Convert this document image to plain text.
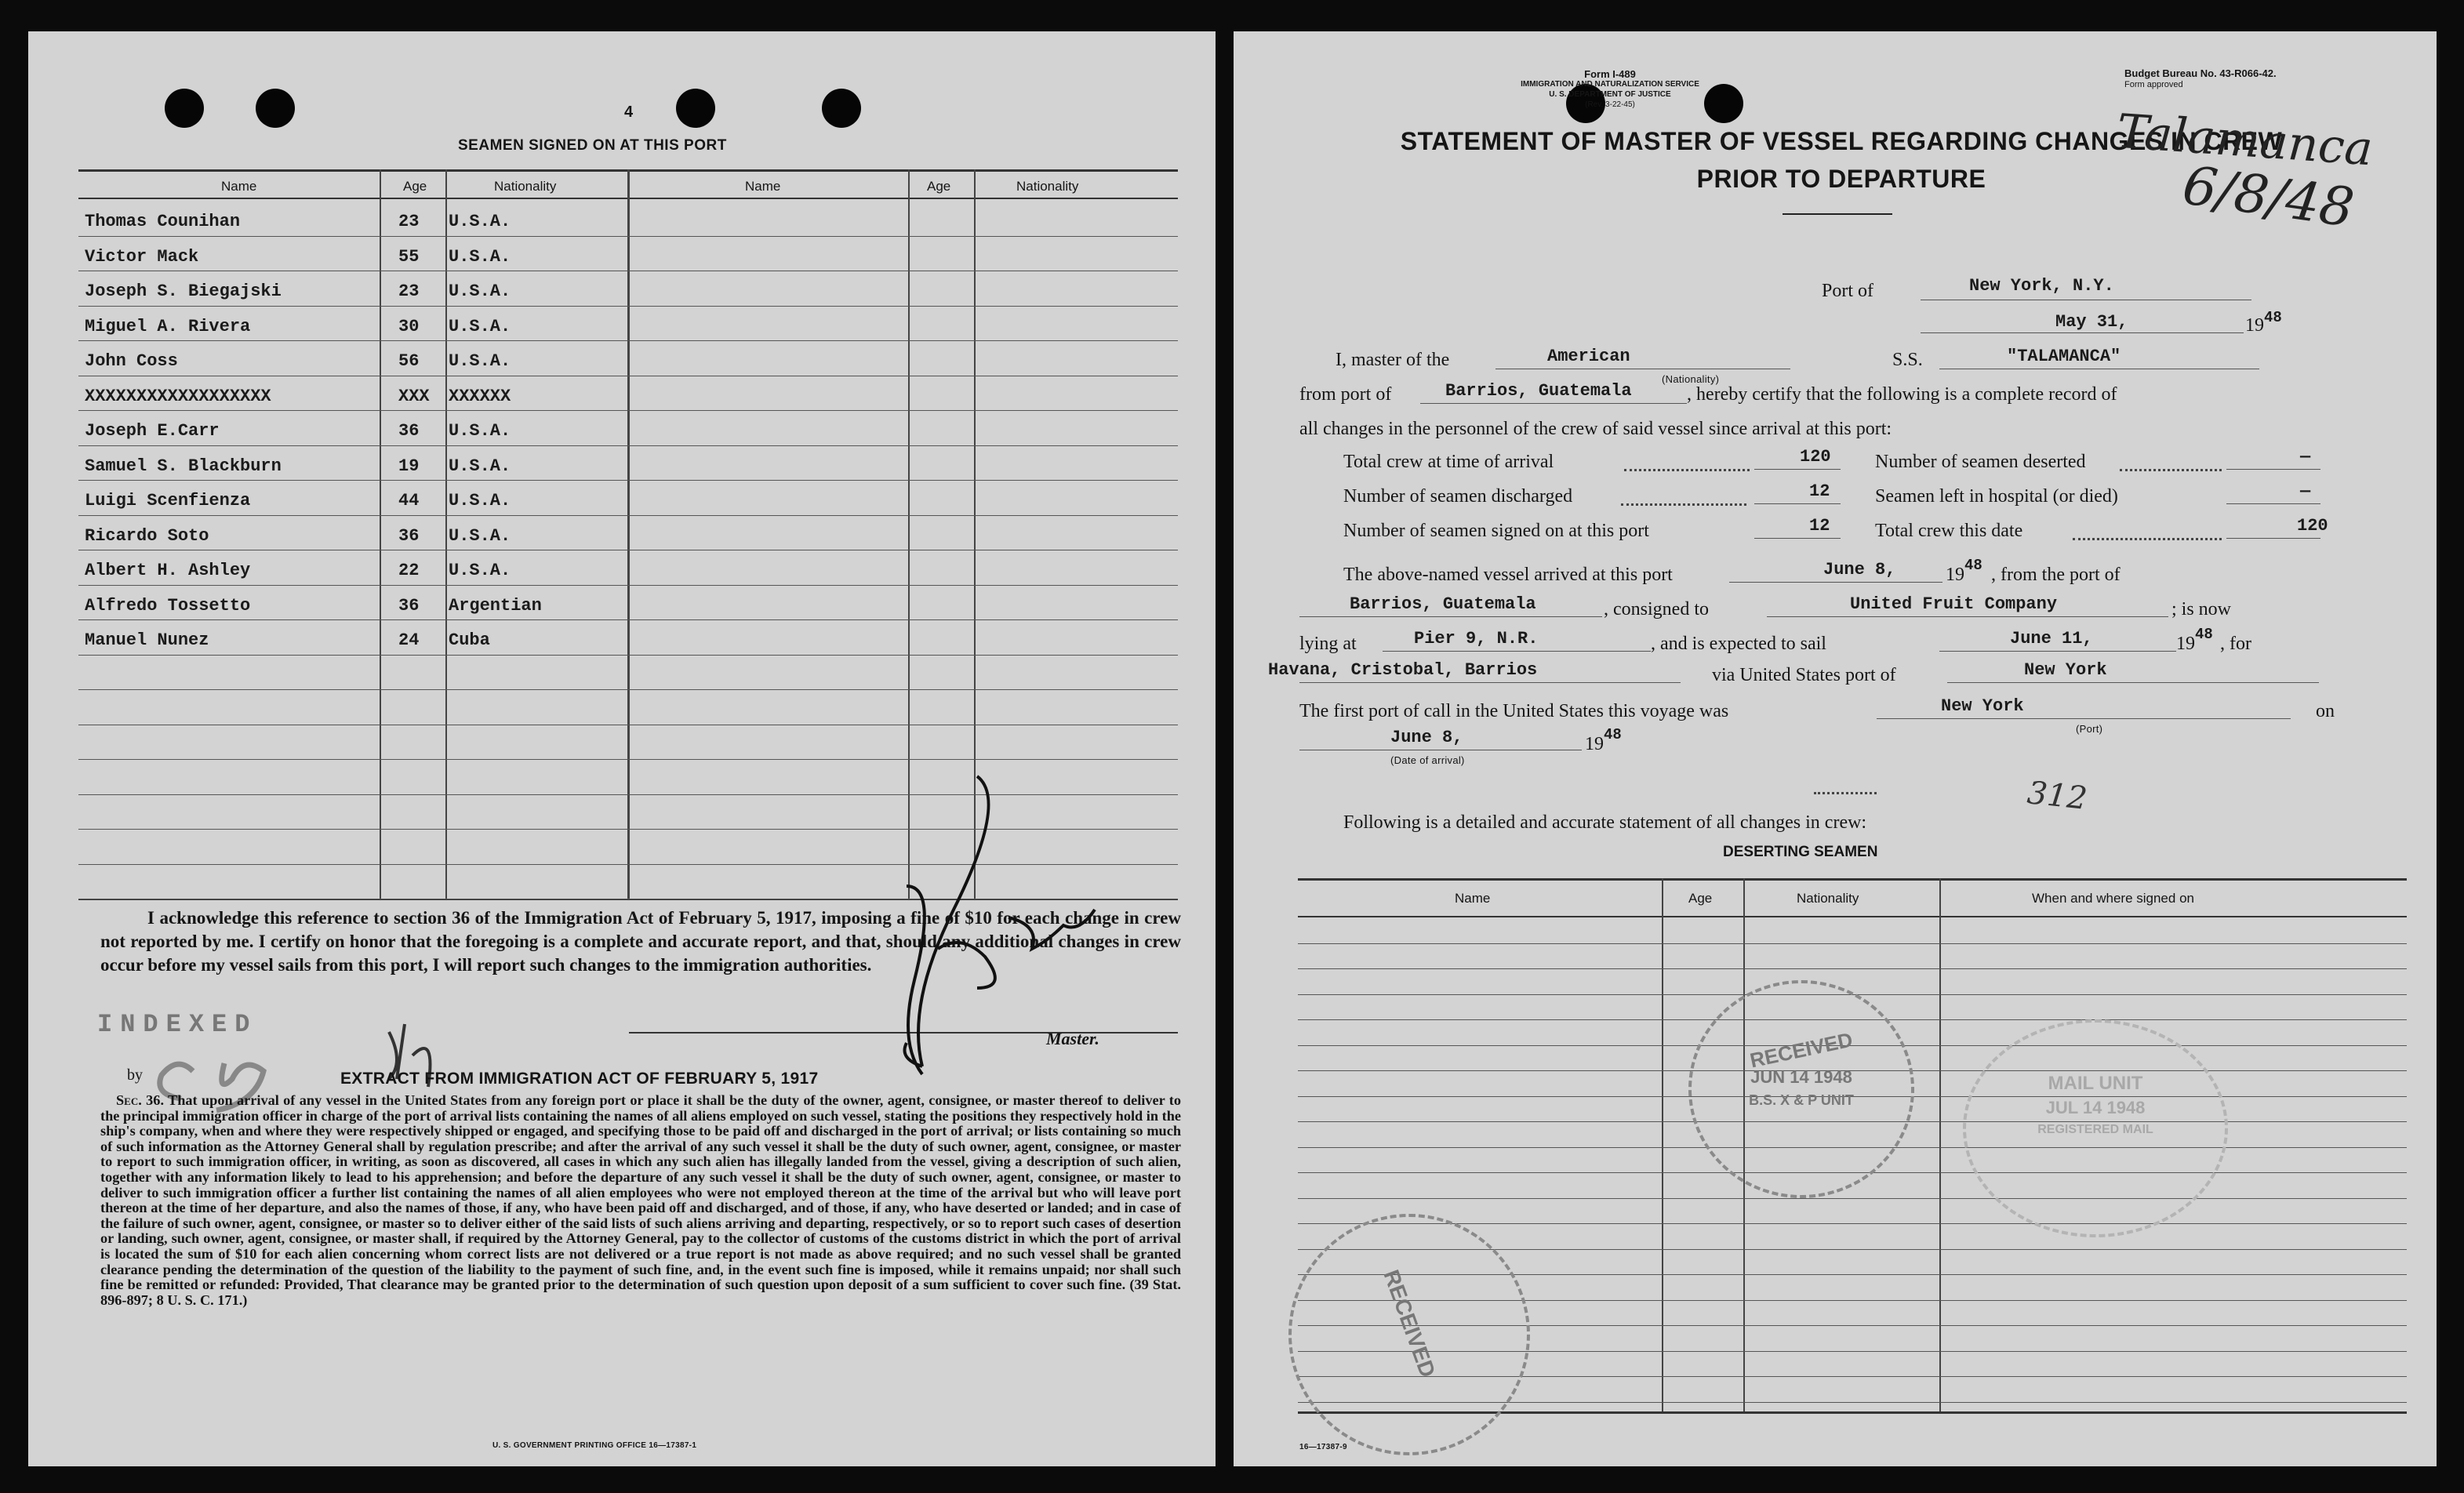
4
SEAMEN SIGNED ON AT THIS PORT
Name	Age	Nationality	Name	Age	Nationality
Thomas Counihan	23 U.S.A.
Victor Mack	55 U.S.A.
Joseph S. Biegajski	23 U.S.A.
Miguel A. Rivera	30 U.S.A.
John Coss	56 U.S.A.
XXXXXXXXXXXXXXXXXX	XXX XXXXXX
Joseph E.Carr	36 U.S.A.
Samuel S. Blackburn	19 U.S.A.
Luigi Scenfienza	44 U.S.A.
Ricardo Soto	36 U.S.A.
Albert H. Ashley	22 U.S.A.
Alfredo Tossetto	36 Argentian
Manuel Nunez	24 Cuba
I acknowledge this reference to section 36 of the Immigration Act of February 5, 1917, imposing a fine of $10 for each change in crew not reported by me. I certify on honor that the foregoing is a complete and accurate report, and that, should any additional changes in crew occur before my vessel sails from this port, I will report such changes to the immigration authorities.
INDEXED
by
Master.
EXTRACT FROM IMMIGRATION ACT OF FEBRUARY 5, 1917
Sec. 36. That upon arrival of any vessel in the United States from any foreign port or place it shall be the duty of the owner, agent, consignee, or master thereof to deliver to the principal immigration officer in charge of the port of arrival lists containing the names of all aliens employed on such vessel, stating the positions they respectively hold in the ship's company, when and where they were respectively shipped or engaged, and specifying those to be paid off and discharged in the port of arrival; or lists containing so much of such information as the Attorney General shall by regulation prescribe; and after the arrival of any such vessel it shall be the duty of such owner, agent, consignee, or master to report to such immigration officer, in writing, as soon as discovered, all cases in which any such alien has illegally landed from the vessel, giving a description of such alien, together with any information likely to lead to his apprehension; and before the departure of any such vessel it shall be the duty of such owner, agent, consignee, or master to deliver to such immigration officer a further list containing the names of all alien employees who were not employed thereon at the time of the arrival but who will leave port thereon at the time of her departure, and also the names of those, if any, who have been paid off and discharged, and of those, if any, who have deserted or landed; and in case of the failure of such owner, agent, consignee, or master so to deliver either of the said lists of such aliens arriving and departing, respectively, or so to report such cases of desertion or landing, such owner, agent, consignee, or master shall, if required by the Attorney General, pay to the collector of customs of the customs district in which the port of arrival is located the sum of $10 for each alien concerning whom correct lists are not delivered or a true report is not made as above required; and no such vessel shall be granted clearance pending the determination of the question of the liability to the payment of such fine, and, in the event such fine is imposed, while it remains unpaid; nor shall such fine be remitted or refunded: Provided, That clearance may be granted prior to the determination of such question upon deposit of a sum sufficient to cover such fine. (39 Stat. 896-897; 8 U. S. C. 171.)
U. S. GOVERNMENT PRINTING OFFICE 16—17387-1
Form I-489
IMMIGRATION AND NATURALIZATION SERVICE
U. S. DEPARTMENT OF JUSTICE
(Rev. 3-22-45)
Budget Bureau No. 43-R066-42.
Form approved
STATEMENT OF MASTER OF VESSEL REGARDING CHANGES IN CREW
PRIOR TO DEPARTURE
Talamanca
6/8/48
Port of	New York, N.Y.
May 31,	19 48
I, master of the	American
(Nationality)
S.S.	"TALAMANCA"
from port of	Barrios, Guatemala	, hereby certify that the following is a complete record of
all changes in the personnel of the crew of said vessel since arrival at this port:
Total crew at time of arrival	120
Number of seamen discharged	12
Number of seamen signed on at this port	12
Number of seamen deserted	—
Seamen left in hospital (or died)	—
Total crew this date	120
The above-named vessel arrived at this port	June 8,	19 48 , from the port of
Barrios, Guatemala	, consigned to	United Fruit Company	; is now
lying at	Pier 9, N.R.	, and is expected to sail	June 11,	19 48 , for
Havana, Cristobal, Barrios	via United States port of	New York
The first port of call in the United States this voyage was	New York
(Port)
on
June 8,	19 48
(Date of arrival)
312
Following is a detailed and accurate statement of all changes in crew:
DESERTING SEAMEN
Name	Age	Nationality	When and where signed on
RECEIVED
JUN 14 1948
B.S. X & P UNIT
MAIL UNIT
JUL 14 1948
REGISTERED MAIL
RECEIVED
16—17387-9
